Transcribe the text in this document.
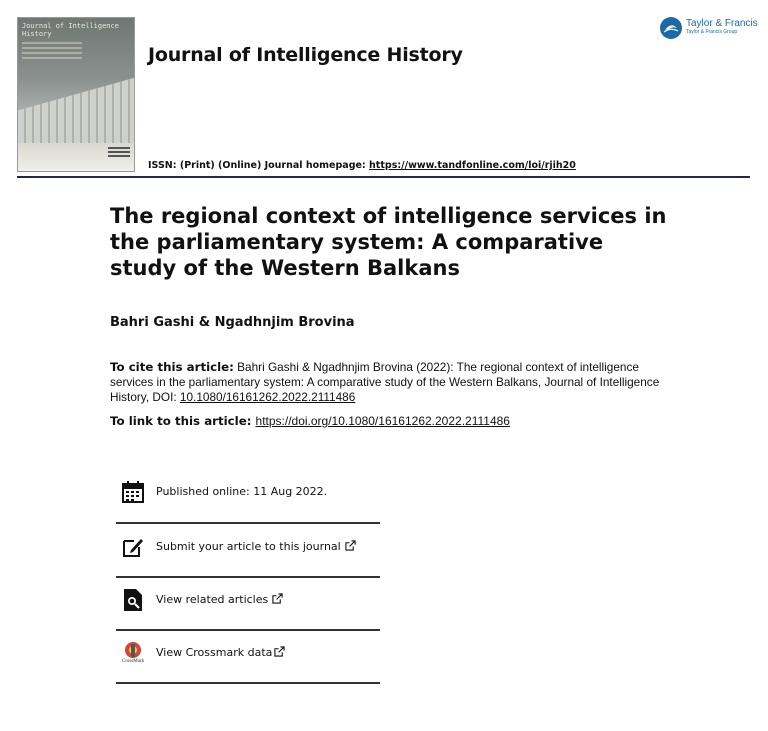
Journal of Intelligence History
Journal of Intelligence History
ISSN: (Print) (Online) Journal homepage: https://www.tandfonline.com/loi/rjih20
Taylor & Francis
Taylor & Francis Group
The regional context of intelligence services in the parliamentary system: A comparative study of the Western Balkans
Bahri Gashi & Ngadhnjim Brovina
To cite this article: Bahri Gashi & Ngadhnjim Brovina (2022): The regional context of intelligence services in the parliamentary system: A comparative study of the Western Balkans, Journal of Intelligence History, DOI: 10.1080/16161262.2022.2111486
To link to this article: https://doi.org/10.1080/16161262.2022.2111486
Published online: 11 Aug 2022.
Submit your article to this journal
View related articles
CrossMark
View Crossmark data
